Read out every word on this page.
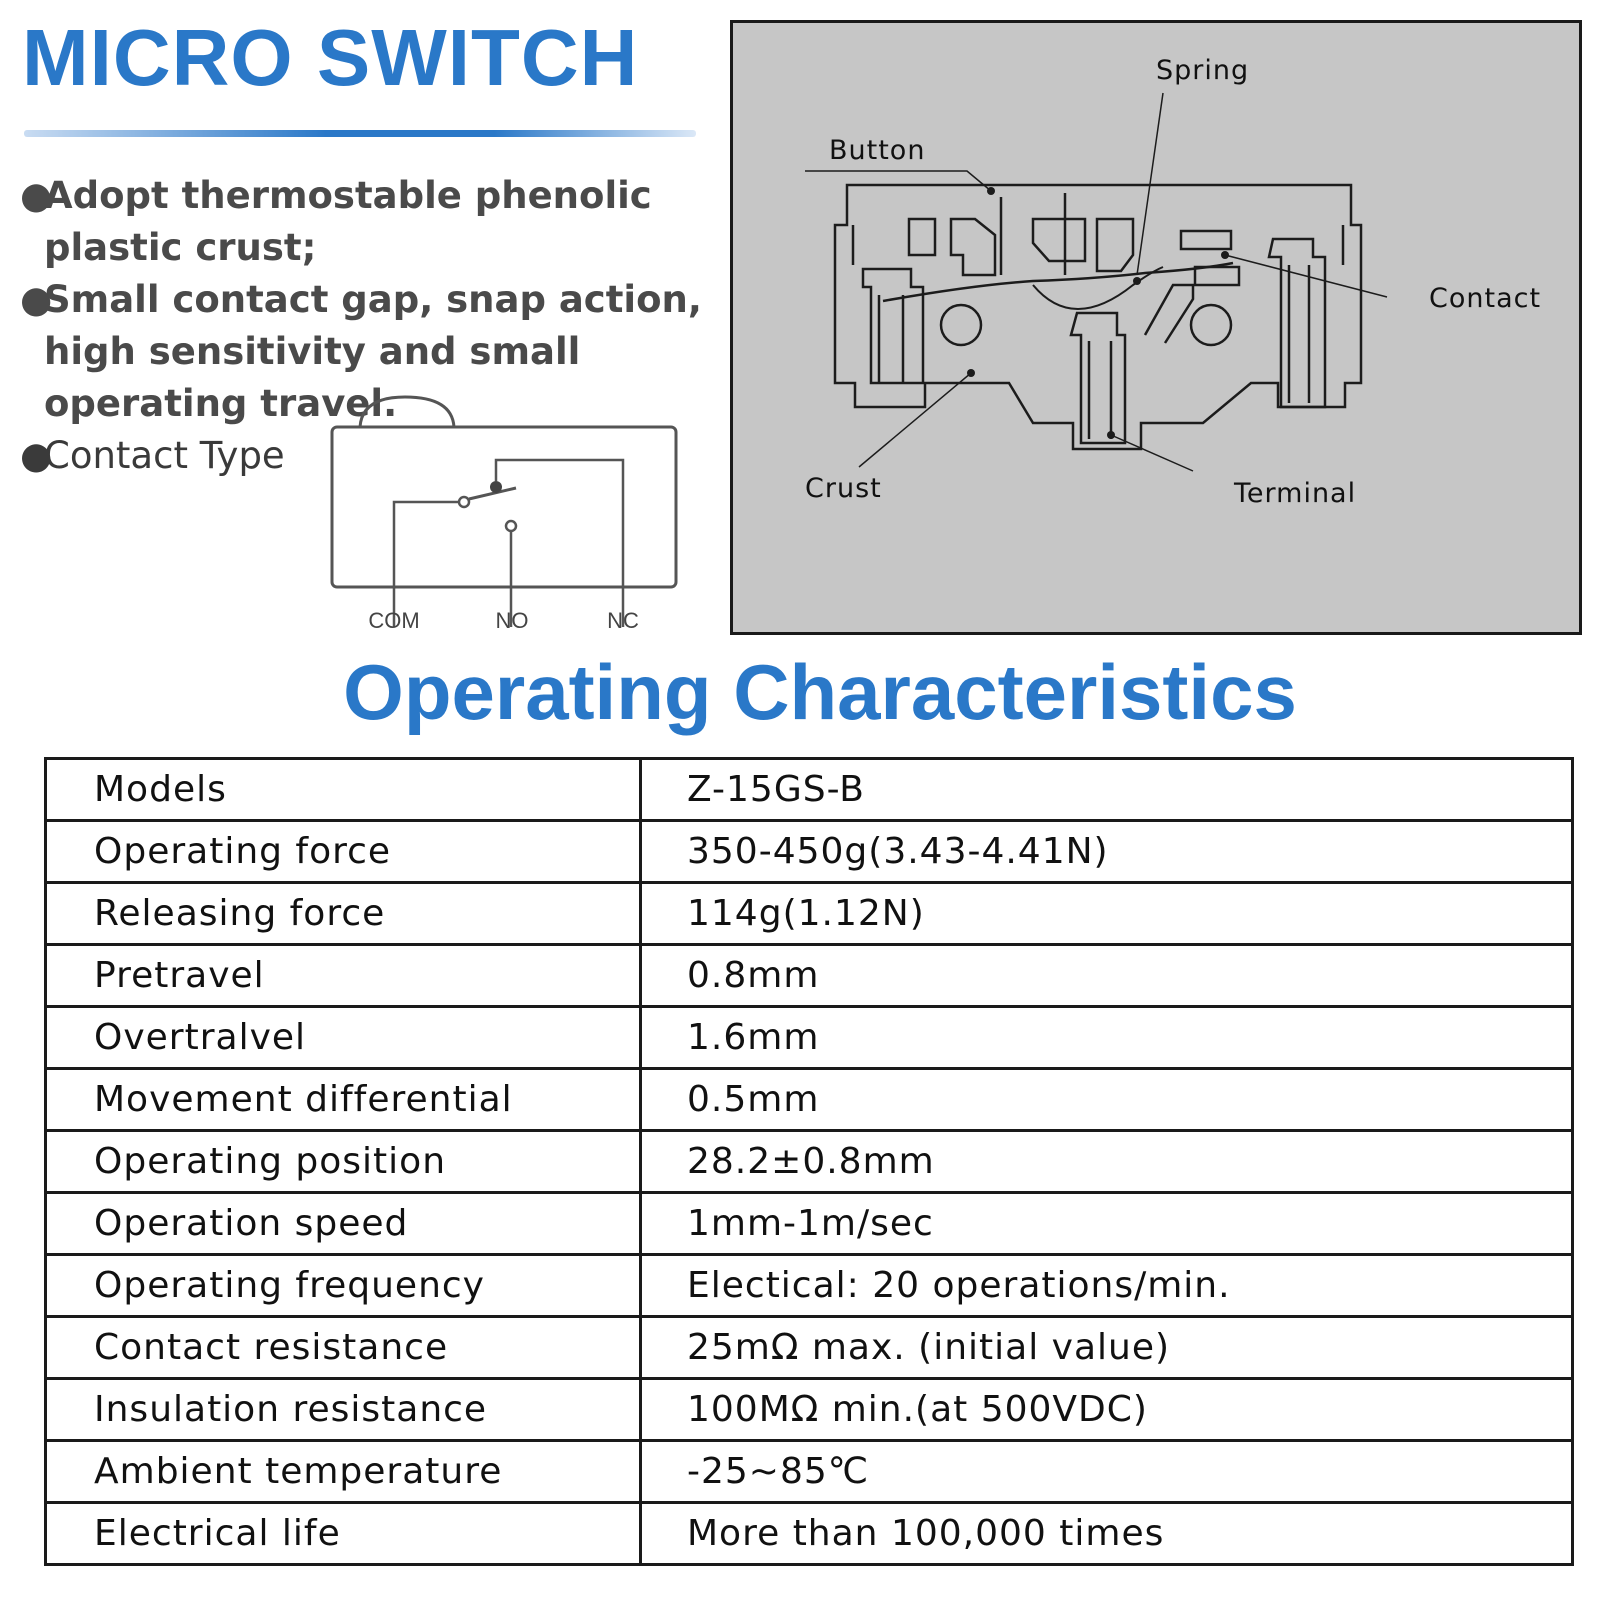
MICRO SWITCH
●
Adopt thermostable phenolic plastic crust;
●
Small contact gap, snap action, high sensitivity and small operating travel.
●
Contact Type
COM	NO	NC
Spring
Button
Contact
Crust	Terminal
Operating Characteristics
Models	Z-15GS-B
Operating force	350-450g(3.43-4.41N)
Releasing force	114g(1.12N)
Pretravel	0.8mm
Overtralvel	1.6mm
Movement differential	0.5mm
Operating position	28.2±0.8mm
Operation speed	1mm-1m/sec
Operating frequency	Electical: 20 operations/min.
Contact resistance	25mΩ max. (initial value)
Insulation resistance	100MΩ min.(at 500VDC)
Ambient temperature	-25~85℃
Electrical life	More than 100,000 times
